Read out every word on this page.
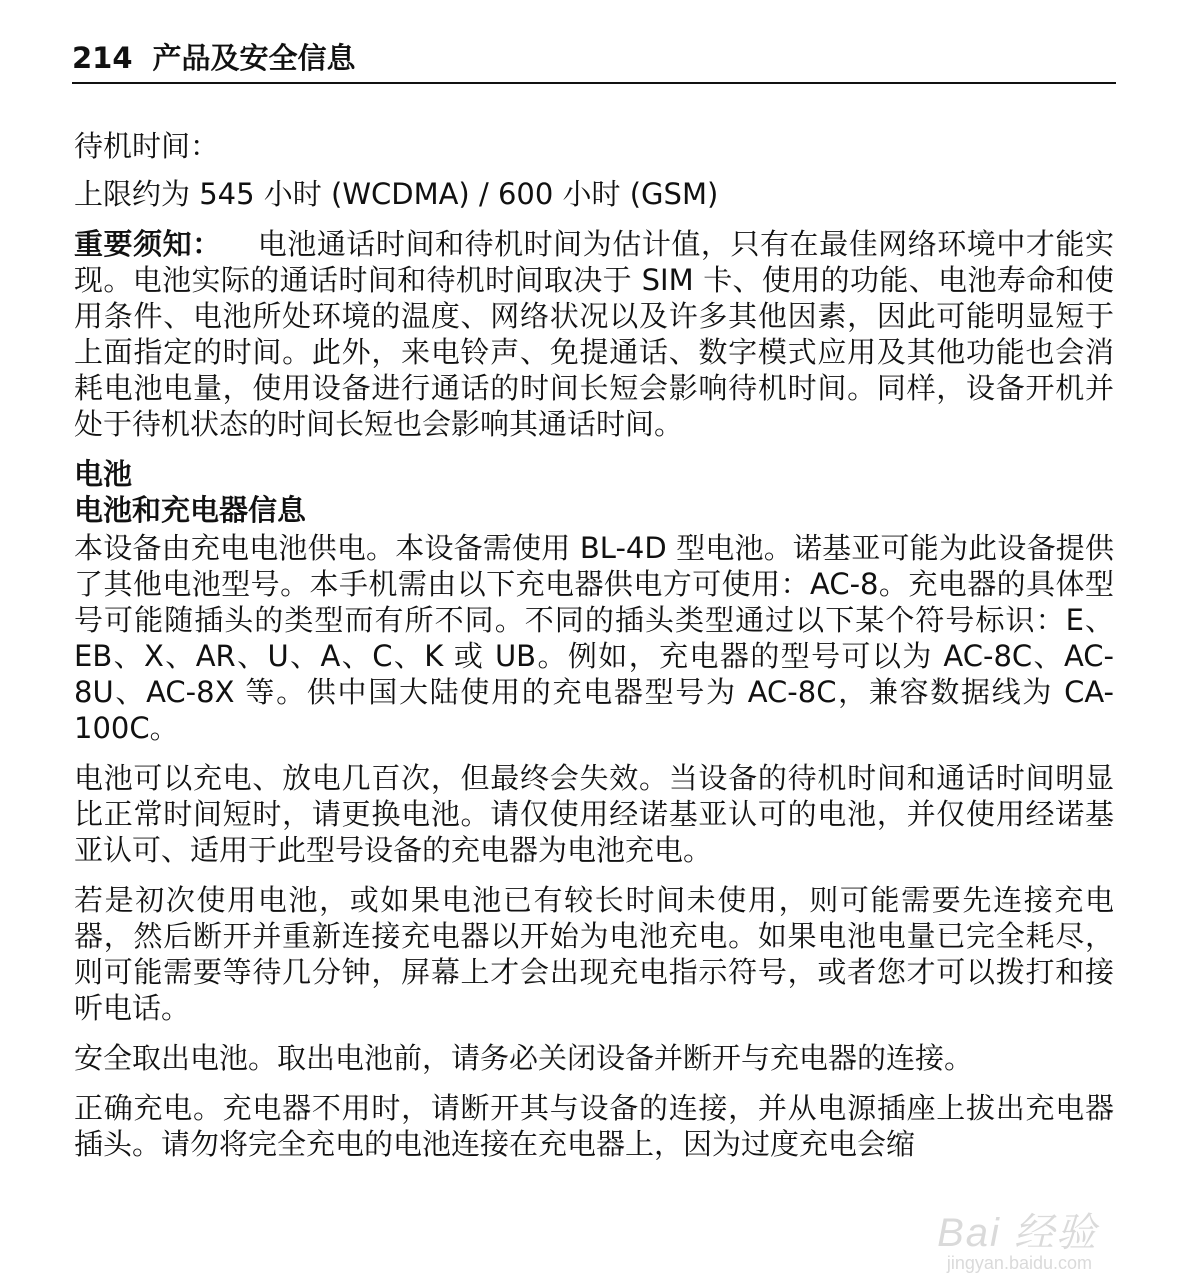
214 产品及安全信息

待机时间：

上限约为 545 小时 (WCDMA) / 600 小时 (GSM)

重要须知： 电池通话时间和待机时间为估计值，只有在最佳网络环境中才能实现。电池实际的通话时间和待机时间取决于 SIM 卡、使用的功能、电池寿命和使用条件、电池所处环境的温度、网络状况以及许多其他因素，因此可能明显短于上面指定的时间。此外，来电铃声、免提通话、数字模式应用及其他功能也会消耗电池电量，使用设备进行通话的时间长短会影响待机时间。同样，设备开机并处于待机状态的时间长短也会影响其通话时间。

电池

电池和充电器信息

本设备由充电电池供电。本设备需使用 BL-4D 型电池。诺基亚可能为此设备提供了其他电池型号。本手机需由以下充电器供电方可使用：AC-8。充电器的具体型号可能随插头的类型而有所不同。不同的插头类型通过以下某个符号标识：E、EB、X、AR、U、A、C、K 或 UB。例如，充电器的型号可以为 AC-8C、AC-8U、AC-8X 等。供中国大陆使用的充电器型号为 AC-8C，兼容数据线为 CA-100C。

电池可以充电、放电几百次，但最终会失效。当设备的待机时间和通话时间明显比正常时间短时，请更换电池。请仅使用经诺基亚认可的电池，并仅使用经诺基亚认可、适用于此型号设备的充电器为电池充电。

若是初次使用电池，或如果电池已有较长时间未使用，则可能需要先连接充电器，然后断开并重新连接充电器以开始为电池充电。如果电池电量已完全耗尽，则可能需要等待几分钟，屏幕上才会出现充电指示符号，或者您才可以拨打和接听电话。

安全取出电池。取出电池前，请务必关闭设备并断开与充电器的连接。

正确充电。充电器不用时，请断开其与设备的连接，并从电源插座上拔出充电器插头。请勿将完全充电的电池连接在充电器上，因为过度充电会缩

Bai 经验
jingyan.baidu.com
